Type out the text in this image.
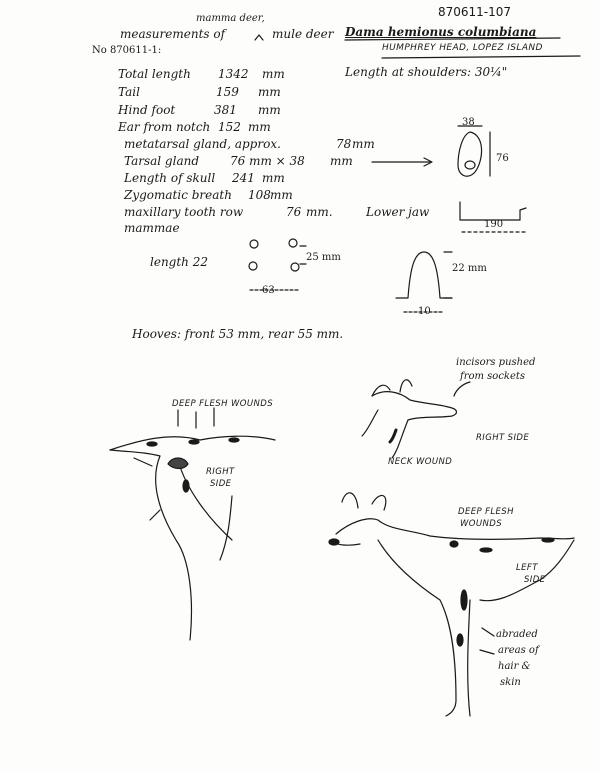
870611-107
mamma deer,
measurements of	mule deer Dama hemionus columbiana
HUMPHREY HEAD, LOPEZ ISLAND
No 870611-1:
Length at shoulders: 30¼"
Total length 1342 mm
Tail	159 mm
Hind foot	381 mm
Ear from notch 152 mm
metatarsal gland, approx.	78 mm
Tarsal gland	76 mm × 38 mm
Length of skull 241 mm
Zygomatic breath 108 mm
maxillary tooth row	76 mm.
mammae
Lower jaw
38
76
190
length 22	25 mm
63
22 mm
10
Hooves: front 53 mm, rear 55 mm.
incisors pushed
from sockets
RIGHT SIDE
NECK WOUND
DEEP FLESH WOUNDS
RIGHT
SIDE
DEEP FLESH
WOUNDS
LEFT
SIDE
abraded
areas of
hair &
skin
